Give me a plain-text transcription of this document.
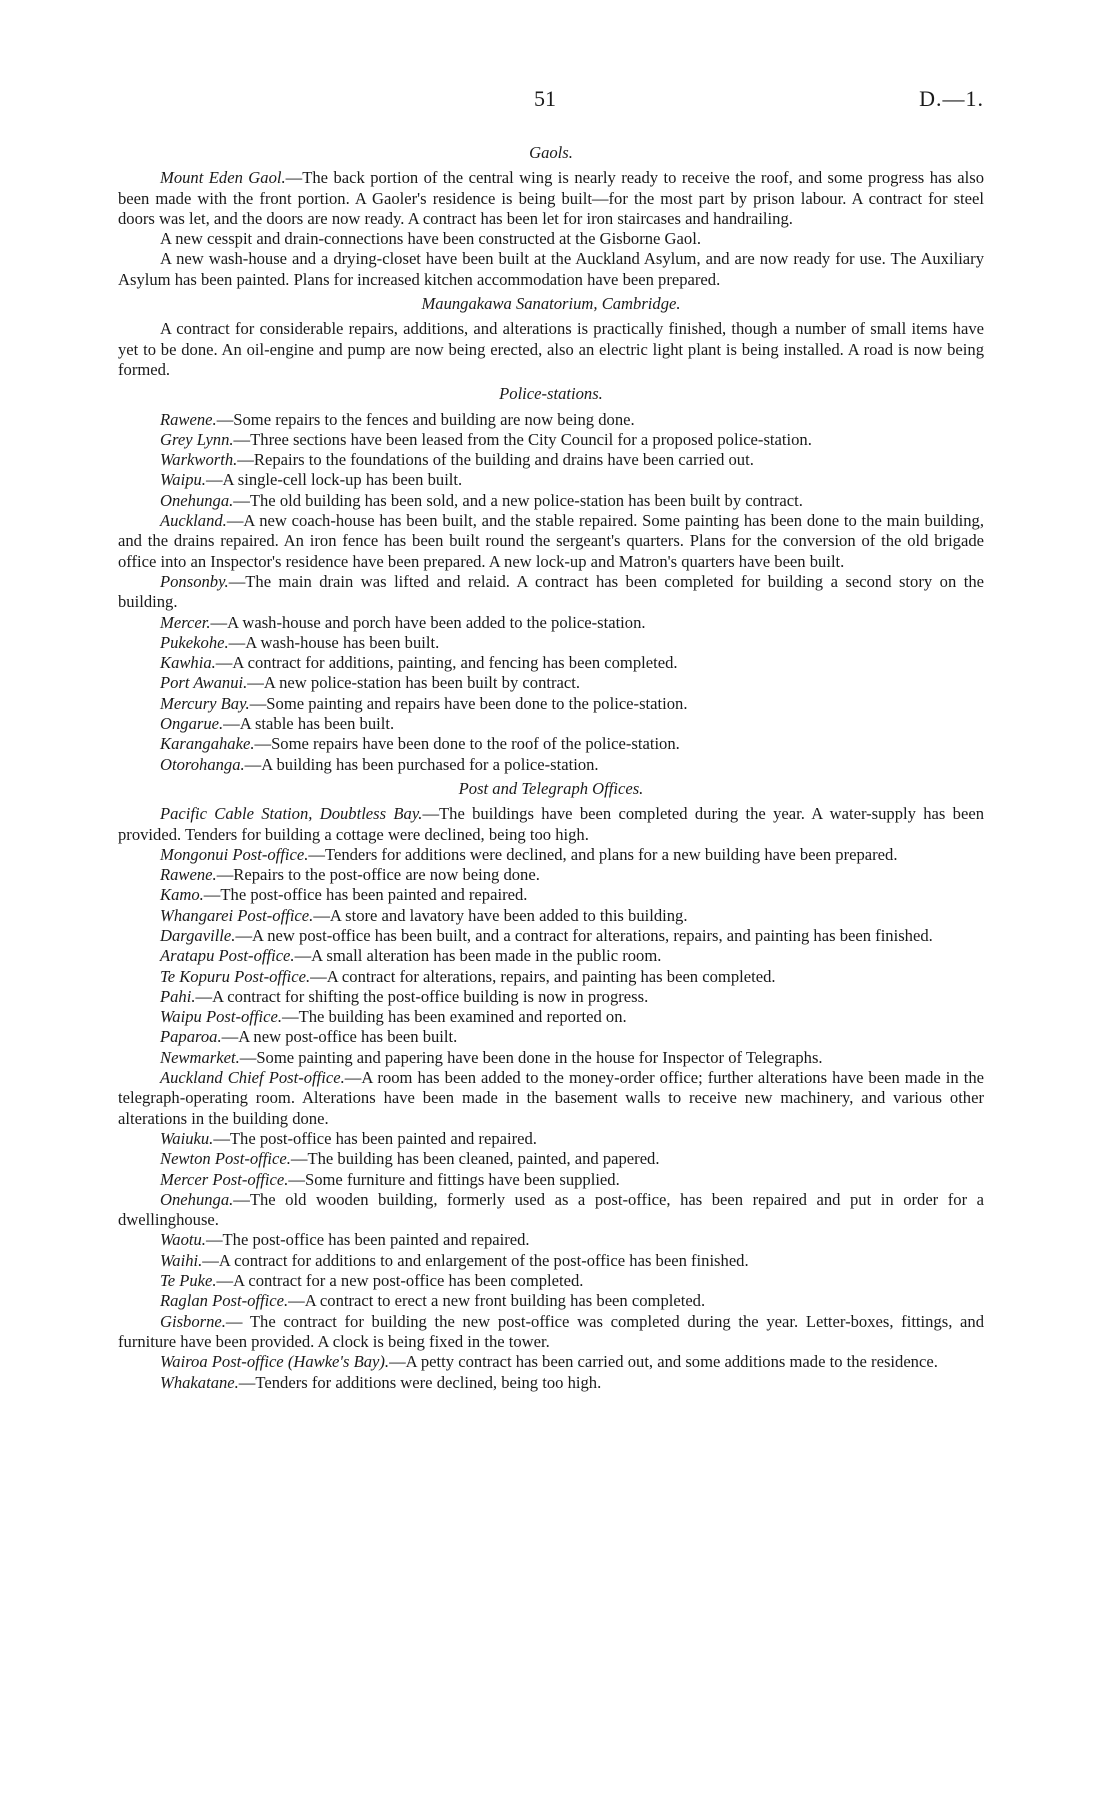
51	D.—1.
Gaols.

Mount Eden Gaol.—The back portion of the central wing is nearly ready to receive the roof, and some progress has also been made with the front portion. A Gaoler's residence is being built—for the most part by prison labour. A contract for steel doors was let, and the doors are now ready. A contract has been let for iron staircases and handrailing.

A new cesspit and drain-connections have been constructed at the Gisborne Gaol.

A new wash-house and a drying-closet have been built at the Auckland Asylum, and are now ready for use. The Auxiliary Asylum has been painted. Plans for increased kitchen accommodation have been prepared.

Maungakawa Sanatorium, Cambridge.

A contract for considerable repairs, additions, and alterations is practically finished, though a number of small items have yet to be done. An oil-engine and pump are now being erected, also an electric light plant is being installed. A road is now being formed.

Police-stations.

Rawene.—Some repairs to the fences and building are now being done.

Grey Lynn.—Three sections have been leased from the City Council for a proposed police-station.

Warkworth.—Repairs to the foundations of the building and drains have been carried out.

Waipu.—A single-cell lock-up has been built.

Onehunga.—The old building has been sold, and a new police-station has been built by contract.

Auckland.—A new coach-house has been built, and the stable repaired. Some painting has been done to the main building, and the drains repaired. An iron fence has been built round the sergeant's quarters. Plans for the conversion of the old brigade office into an Inspector's residence have been prepared. A new lock-up and Matron's quarters have been built.

Ponsonby.—The main drain was lifted and relaid. A contract has been completed for building a second story on the building.

Mercer.—A wash-house and porch have been added to the police-station.

Pukekohe.—A wash-house has been built.

Kawhia.—A contract for additions, painting, and fencing has been completed.

Port Awanui.—A new police-station has been built by contract.

Mercury Bay.—Some painting and repairs have been done to the police-station.

Ongarue.—A stable has been built.

Karangahake.—Some repairs have been done to the roof of the police-station.

Otorohanga.—A building has been purchased for a police-station.

Post and Telegraph Offices.

Pacific Cable Station, Doubtless Bay.—The buildings have been completed during the year. A water-supply has been provided. Tenders for building a cottage were declined, being too high.

Mongonui Post-office.—Tenders for additions were declined, and plans for a new building have been prepared.

Rawene.—Repairs to the post-office are now being done.

Kamo.—The post-office has been painted and repaired.

Whangarei Post-office.—A store and lavatory have been added to this building.

Dargaville.—A new post-office has been built, and a contract for alterations, repairs, and painting has been finished.

Aratapu Post-office.—A small alteration has been made in the public room.

Te Kopuru Post-office.—A contract for alterations, repairs, and painting has been completed.

Pahi.—A contract for shifting the post-office building is now in progress.

Waipu Post-office.—The building has been examined and reported on.

Paparoa.—A new post-office has been built.

Newmarket.—Some painting and papering have been done in the house for Inspector of Telegraphs.

Auckland Chief Post-office.—A room has been added to the money-order office; further alterations have been made in the telegraph-operating room. Alterations have been made in the basement walls to receive new machinery, and various other alterations in the building done.

Waiuku.—The post-office has been painted and repaired.

Newton Post-office.—The building has been cleaned, painted, and papered.

Mercer Post-office.—Some furniture and fittings have been supplied.

Onehunga.—The old wooden building, formerly used as a post-office, has been repaired and put in order for a dwellinghouse.

Waotu.—The post-office has been painted and repaired.

Waihi.—A contract for additions to and enlargement of the post-office has been finished.

Te Puke.—A contract for a new post-office has been completed.

Raglan Post-office.—A contract to erect a new front building has been completed.

Gisborne.— The contract for building the new post-office was completed during the year. Letter-boxes, fittings, and furniture have been provided. A clock is being fixed in the tower.

Wairoa Post-office (Hawke's Bay).—A petty contract has been carried out, and some additions made to the residence.

Whakatane.—Tenders for additions were declined, being too high.
